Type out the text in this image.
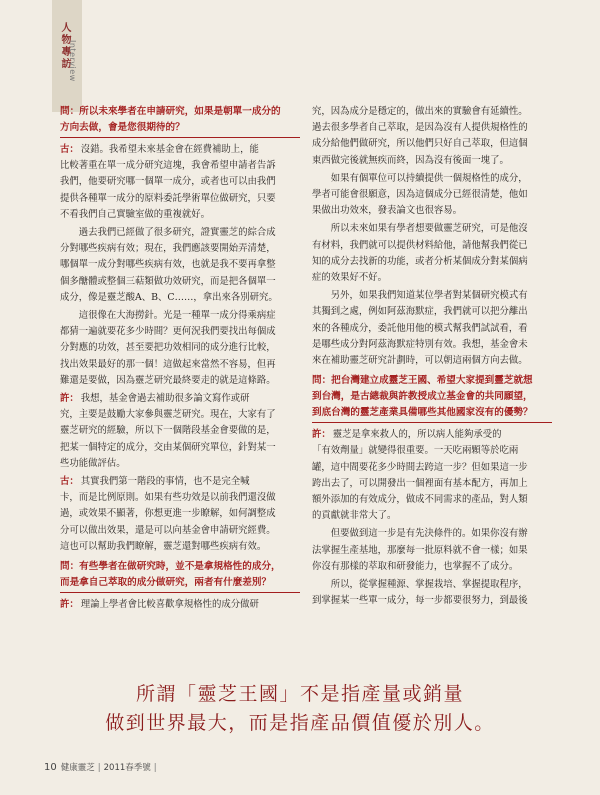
人物專訪
Interview
問：所以未來學者在申請研究，如果是朝單一成分的
方向去做，會是您很期待的？
古： 沒錯。我希望未來基金會在經費補助上，能
比較著重在單一成分研究這塊，我會希望申請者告訴
我們，他要研究哪一個單一成分，或者也可以由我們
提供各種單一成分的原料委託學術單位做研究，只要
不看我們自己實驗室做的重複就好。
　　過去我們已經做了很多研究，證實靈芝的綜合成
分對哪些疾病有效；現在，我們應該要開始弄清楚，
哪個單一成分對哪些疾病有效，也就是我不要再拿整
個多醣體或整個三萜類做功效研究，而是把各個單一
成分，像是靈芝酸A、B、C……，拿出來各別研究。
　　這很像在大海撈針。光是一種單一成分得乘病症
都猜一遍就要花多少時間？更何況我們要找出每個成
分對應的功效，甚至要把功效相同的成分進行比較，
找出效果最好的那一個！這做起來當然不容易，但再
難還是要做，因為靈芝研究最終要走的就是這條路。
許： 我想，基金會過去補助很多論文寫作或研
究，主要是鼓勵大家參與靈芝研究。現在，大家有了
靈芝研究的經驗，所以下一個階段基金會要做的是，
把某一個特定的成分，交由某個研究單位，針對某一
些功能做評估。
古： 其實我們第一階段的事情，也不是完全喊
卡，而是比例原則。如果有些功效是以前我們還沒做
過，或效果不顯著，你想更進一步瞭解，如何調整成
分可以做出效果，還是可以向基金會申請研究經費。
這也可以幫助我們瞭解，靈芝還對哪些疾病有效。
問：有些學者在做研究時，並不是拿規格性的成分，
而是拿自己萃取的成分做研究，兩者有什麼差別？
許： 理論上學者會比較喜歡拿規格性的成分做研
究，因為成分是穩定的，做出來的實驗會有延續性。
過去很多學者自己萃取，是因為沒有人提供規格性的
成分給他們做研究，所以他們只好自己萃取，但這個
東西做完後就無疾而終，因為沒有後面一塊了。
　　如果有個單位可以持續提供一個規格性的成分，
學者可能會很願意，因為這個成分已經很清楚，他如
果做出功效來，發表論文也很容易。
　　所以未來如果有學者想要做靈芝研究，可是他沒
有材料，我們就可以提供材料給他，請他幫我們從已
知的成分去找新的功能，或者分析某個成分對某個病
症的效果好不好。
　　另外，如果我們知道某位學者對某個研究模式有
其獨到之處，例如阿茲海默症，我們就可以把分離出
來的各種成分，委託他用他的模式幫我們試試看，看
是哪些成分對阿茲海默症特別有效。我想，基金會未
來在補助靈芝研究計劃時，可以朝這兩個方向去做。
問：把台灣建立成靈芝王國、希望大家提到靈芝就想
到台灣，是古總裁與許教授成立基金會的共同願望，
到底台灣的靈芝產業具備哪些其他國家沒有的優勢？
許： 靈芝是拿來救人的，所以病人能夠承受的
「有效劑量」就變得很重要。一天吃兩顆等於吃兩
罐，這中間要花多少時間去跨這一步？但如果這一步
跨出去了，可以開發出一個裡面有基本配方，再加上
額外添加的有效成分，做成不同需求的產品，對人類
的貢獻就非常大了。
　　但要做到這一步是有先決條件的。如果你沒有辦
法掌握生產基地，那麼每一批原料就不會一樣；如果
你沒有那樣的萃取和研發能力，也掌握不了成分。
　　所以，從掌握種源、掌握栽培、掌握提取程序，
到掌握某一些單一成分，每一步都要很努力，到最後
所謂「靈芝王國」不是指產量或銷量
做到世界最大，而是指產品價值優於別人。
10 健康靈芝 | 2011春季號 |
